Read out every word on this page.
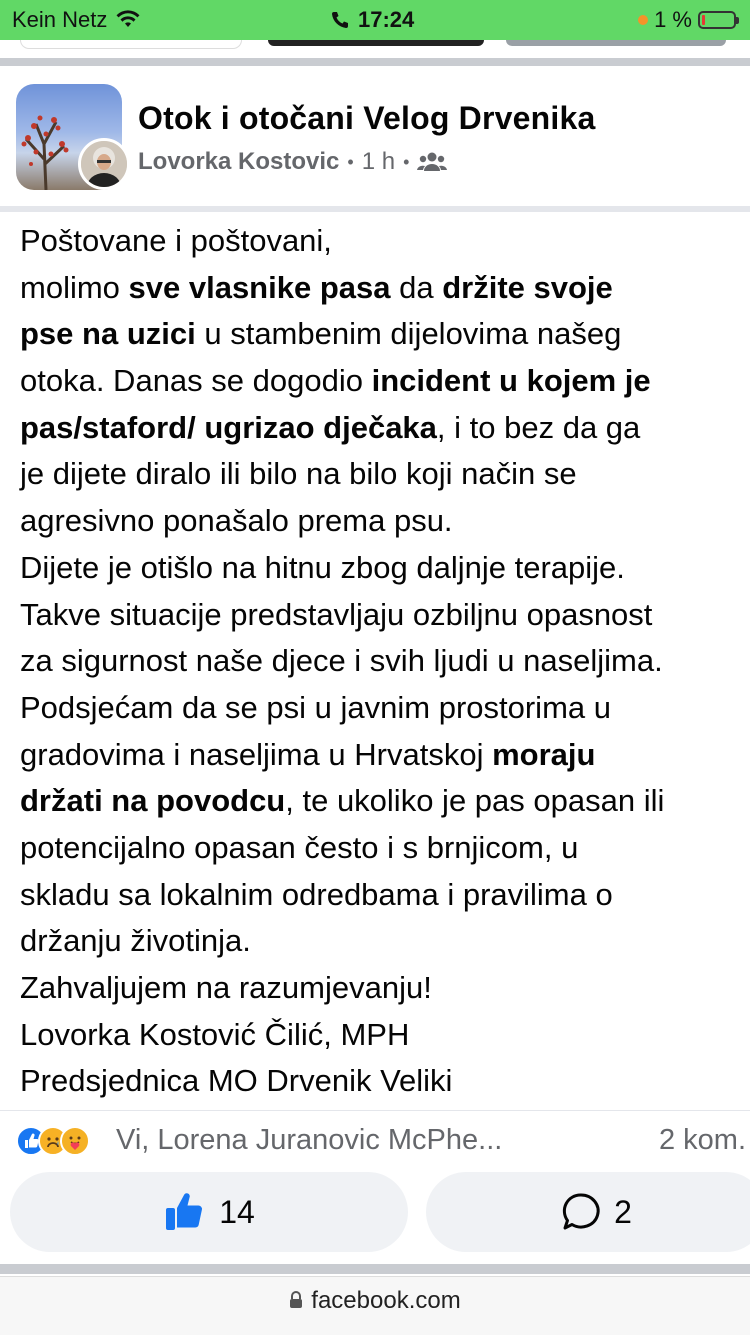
Kein Netz	17:24	1 %
Otok i otočani Velog Drvenika
Lovorka Kostovic • 1 h •
Poštovane i poštovani,
molimo sve vlasnike pasa da držite svoje
pse na uzici u stambenim dijelovima našeg
otoka. Danas se dogodio incident u kojem je
pas/staford/ ugrizao dječaka, i to bez da ga
je dijete diralo ili bilo na bilo koji način se
agresivno ponašalo prema psu.
Dijete je otišlo na hitnu zbog daljnje terapije.
Takve situacije predstavljaju ozbiljnu opasnost
za sigurnost naše djece i svih ljudi u naseljima.
Podsjećam da se psi u javnim prostorima u
gradovima i naseljima u Hrvatskoj moraju
držati na povodcu, te ukoliko je pas opasan ili
potencijalno opasan često i s brnjicom, u
skladu sa lokalnim odredbama i pravilima o
držanju životinja.
Zahvaljujem na razumjevanju!
Lovorka Kostović Čilić, MPH
Predsjednica MO Drvenik Veliki
Vi, Lorena Juranovic McPhe...	2 kom.
14	2
facebook.com
